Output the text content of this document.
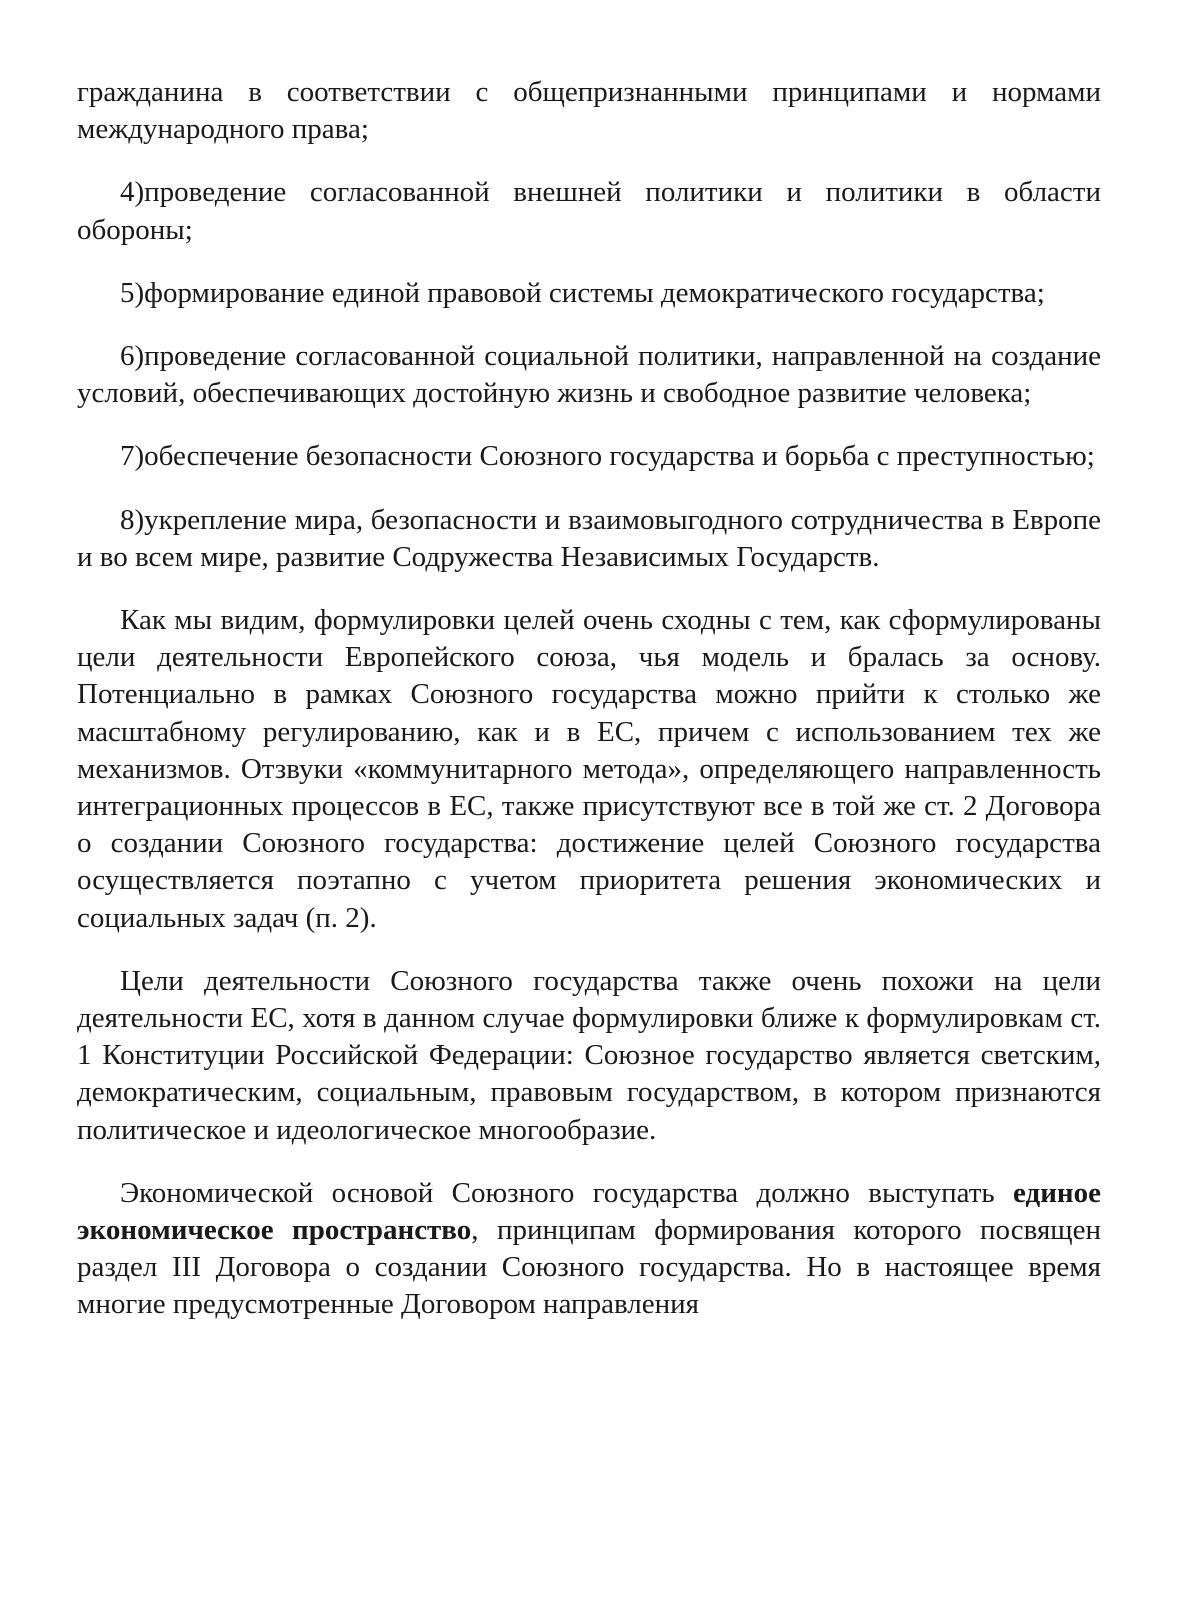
гражданина в соответствии с общепризнанными принципами и нормами международного права;

4)проведение согласованной внешней политики и политики в области обороны;

5)формирование единой правовой системы демократического государства;

6)проведение согласованной социальной политики, направленной на создание условий, обеспечивающих достойную жизнь и свободное развитие человека;

7)обеспечение безопасности Союзного государства и борьба с преступностью;

8)укрепление мира, безопасности и взаимовыгодного сотрудничества в Европе и во всем мире, развитие Содружества Независимых Государств.

Как мы видим, формулировки целей очень сходны с тем, как сформулированы цели деятельности Европейского союза, чья модель и бралась за основу. Потенциально в рамках Союзного государства можно прийти к столько же масштабному регулированию, как и в ЕС, причем с использованием тех же механизмов. Отзвуки «коммунитарного метода», определяющего направленность интеграционных процессов в ЕС, также присутствуют все в той же ст. 2 Договора о создании Союзного государства: достижение целей Союзного государства осуществляется поэтапно с учетом приоритета решения экономических и социальных задач (п. 2).

Цели деятельности Союзного государства также очень похожи на цели деятельности ЕС, хотя в данном случае формулировки ближе к формулировкам ст. 1 Конституции Российской Федерации: Союзное государство является светским, демократическим, социальным, правовым государством, в котором признаются политическое и идеологическое многообразие.

Экономической основой Союзного государства должно выступать единое экономическое пространство, принципам формирования которого посвящен раздел III Договора о создании Союзного государства. Но в настоящее время многие предусмотренные Договором направления
